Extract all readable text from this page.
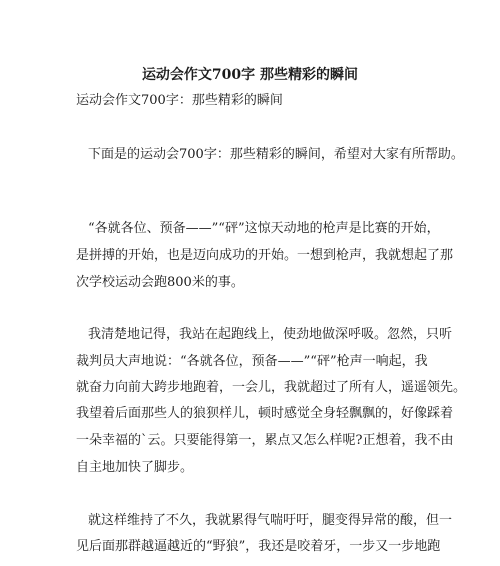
运动会作文700字 那些精彩的瞬间
运动会作文700字：那些精彩的瞬间
下面是的运动会700字：那些精彩的瞬间，希望对大家有所帮助。
“各就各位、预备——”“砰”这惊天动地的枪声是比赛的开始，
是拼搏的开始，也是迈向成功的开始。一想到枪声，我就想起了那
次学校运动会跑800米的事。
我清楚地记得，我站在起跑线上，使劲地做深呼吸。忽然，只听
裁判员大声地说：“各就各位，预备——”“砰”枪声一响起，我
就奋力向前大跨步地跑着，一会儿，我就超过了所有人，遥遥领先。
我望着后面那些人的狼狈样儿，顿时感觉全身轻飘飘的，好像踩着
一朵幸福的`云。只要能得第一，累点又怎么样呢?正想着，我不由
自主地加快了脚步。
就这样维持了不久，我就累得气喘吁吁，腿变得异常的酸，但一
见后面那群越逼越近的“野狼”，我还是咬着牙，一步又一步地跑
